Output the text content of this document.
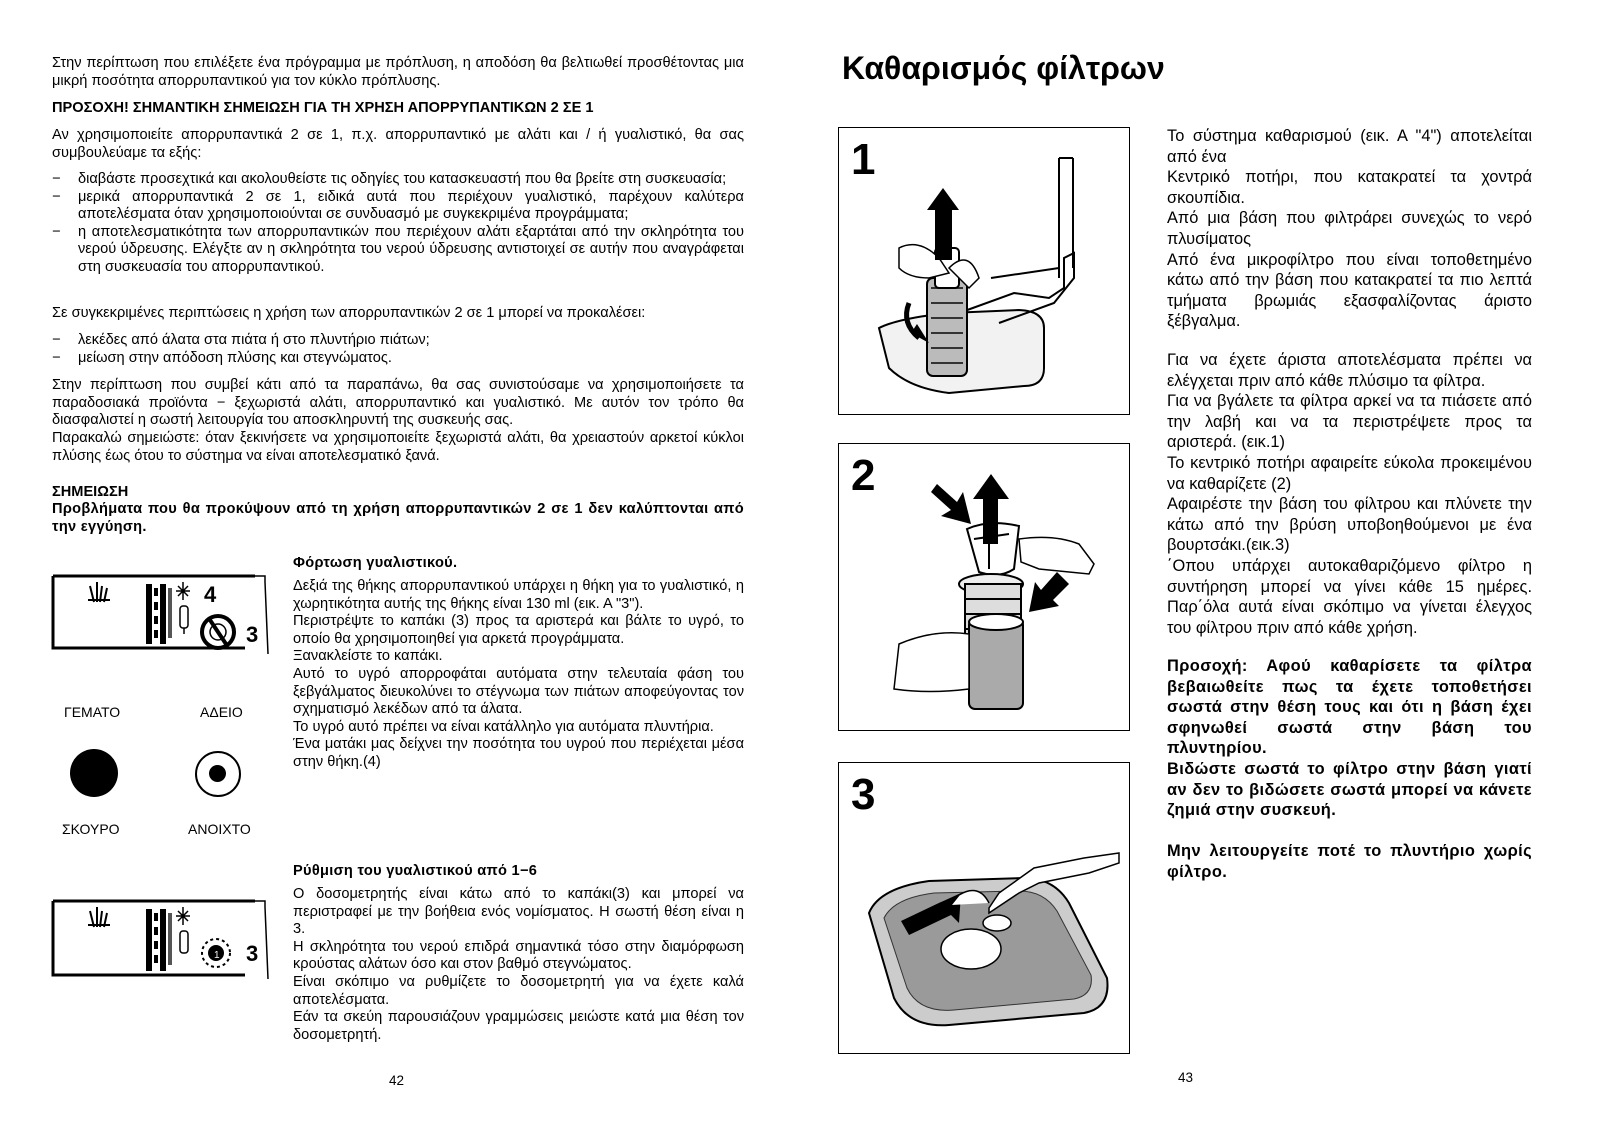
Στην περίπτωση που επιλέξετε ένα πρόγραμμα με πρόπλυση, η αποδόση θα βελτιωθεί προσθέτοντας μια μικρή ποσότητα απορρυπαντικού για τον κύκλο πρόπλυσης.
ΠΡΟΣΟΧΗ! ΣΗΜΑΝΤΙΚΗ ΣΗΜΕΙΩΣΗ ΓΙΑ ΤΗ ΧΡΗΣΗ ΑΠΟΡΡΥΠΑΝΤΙΚΩΝ 2 ΣΕ 1
Αν χρησιμοποιείτε απορρυπαντικά 2 σε 1, π.χ. απορρυπαντικό με αλάτι και / ή γυαλιστικό, θα σας συμβουλεύαμε τα εξής:
− διαβάστε προσεχτικά και ακολουθείστε τις οδηγίες του κατασκευαστή που θα βρείτε στη συσκευασία;
− μερικά απορρυπαντικά 2 σε 1, ειδικά αυτά που περιέχουν γυαλιστικό, παρέχουν καλύτερα αποτελέσματα όταν χρησιμοποιούνται σε συνδυασμό με συγκεκριμένα προγράμματα;
− η αποτελεσματικότητα των απορρυπαντικών που περιέχουν αλάτι εξαρτάται από την σκληρότητα του νερού ύδρευσης. Ελέγξτε αν η σκληρότητα του νερού ύδρευσης αντιστοιχεί σε αυτήν που αναγράφεται στη συσκευασία του απορρυπαντικού.
Σε συγκεκριμένες περιπτώσεις η χρήση των απορρυπαντικών 2 σε 1 μπορεί να προκαλέσει:
− λεκέδες από άλατα στα πιάτα ή στο πλυντήριο πιάτων;
− μείωση στην απόδοση πλύσης και στεγνώματος.
Στην περίπτωση που συμβεί κάτι από τα παραπάνω, θα σας συνιστούσαμε να χρησιμοποιήσετε τα παραδοσιακά προϊόντα − ξεχωριστά αλάτι, απορρυπαντικό και γυαλιστικό. Με αυτόν τον τρόπο θα διασφαλιστεί η σωστή λειτουργία του αποσκληρυντή της συσκευής σας.
Παρακαλώ σημειώστε: όταν ξεκινήσετε να χρησιμοποιείτε ξεχωριστά αλάτι, θα χρειαστούν αρκετοί κύκλοι πλύσης έως ότου το σύστημα να είναι αποτελεσματικό ξανά.
ΣΗΜΕΙΩΣΗ
Προβλήματα που θα προκύψουν από τη χρήση απορρυπαντικών 2 σε 1 δεν καλύπτονται από την εγγύηση.
4
3
ΓΕΜΑΤΟ	ΑΔΕΙΟ
ΣΚΟΥΡΟ	ΑΝΟΙΧΤΟ
1 3
Φόρτωση γυαλιστικού.

Δεξιά της θήκης απορρυπαντικού υπάρχει η θήκη για το γυαλιστικό, η χωρητικότητα αυτής της θήκης είναι 130 ml (εικ. Α "3").

Περιστρέψτε το καπάκι (3) προς τα αριστερά και βάλτε το υγρό, το οποίο θα χρησιμοποιηθεί για αρκετά προγράμματα.

Ξανακλείστε το καπάκι.

Αυτό το υγρό απορροφάται αυτόματα στην τελευταία φάση του ξεβγάλματος διευκολύνει το στέγνωμα των πιάτων αποφεύγοντας τον σχηματισμό λεκέδων από τα άλατα.

Το υγρό αυτό πρέπει να είναι κατάλληλο για αυτόματα πλυντήρια.

Ένα ματάκι μας δείχνει την ποσότητα του υγρού που περιέχεται μέσα στην θήκη.(4)

Ρύθμιση του γυαλιστικού από 1−6

Ο δοσομετρητής είναι κάτω από το καπάκι(3) και μπορεί να περιστραφεί με την βοήθεια ενός νομίσματος. Η σωστή θέση είναι η 3.

Η σκληρότητα του νερού επιδρά σημαντικά τόσο στην διαμόρφωση κρούστας αλάτων όσο και στον βαθμό στεγνώματος.

Είναι σκόπιμο να ρυθμίζετε το δοσομετρητή για να έχετε καλά αποτελέσματα.

Εάν τα σκεύη παρουσιάζουν γραμμώσεις μειώστε κατά μια θέση τον δοσομετρητή.

42
Καθαρισμός φίλτρων
1
2
3

Το σύστημα καθαρισμού (εικ. Α "4") αποτελείται από ένα

Κεντρικό ποτήρι, που κατακρατεί τα χοντρά σκουπίδια.

Από μια βάση που φιλτράρει συνεχώς το νερό πλυσίματος

Από ένα μικροφίλτρο που είναι τοποθετημένο κάτω από την βάση που κατακρατεί τα πιο λεπτά τμήματα βρωμιάς εξασφαλίζοντας άριστο ξέβγαλμα.

Για να έχετε άριστα αποτελέσματα πρέπει να ελέγχεται πριν από κάθε πλύσιμο τα φίλτρα.

Για να βγάλετε τα φίλτρα αρκεί να τα πιάσετε από την λαβή και να τα περιστρέψετε προς τα αριστερά. (εικ.1)

Το κεντρικό ποτήρι αφαιρείτε εύκολα προκειμένου να καθαρίζετε (2)

Αφαιρέστε την βάση του φίλτρου και πλύνετε την κάτω από την βρύση υποβοηθούμενοι με ένα βουρτσάκι.(εικ.3)

΄Οπου υπάρχει αυτοκαθαριζόμενο φίλτρο η συντήρηση μπορεί να γίνει κάθε 15 ημέρες. Παρ΄όλα αυτά είναι σκόπιμο να γίνεται έλεγχος του φίλτρου πριν από κάθε χρήση.

Προσοχή: Αφού καθαρίσετε τα φίλτρα βεβαιωθείτε πως τα έχετε τοποθετήσει σωστά στην θέση τους και ότι η βάση έχει σφηνωθεί σωστά στην βάση του πλυντηρίου.

Βιδώστε σωστά το φίλτρο στην βάση γιατί αν δεν το βιδώσετε σωστά μπορεί να κάνετε ζημιά στην συσκευή.

Μην λειτουργείτε ποτέ το πλυντήριο χωρίς φίλτρο.
43
